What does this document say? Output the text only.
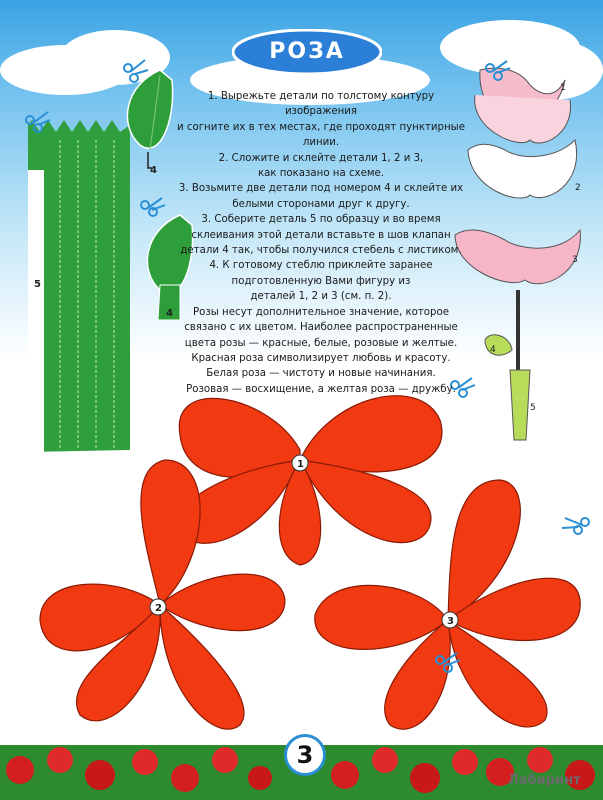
РОЗА
5
4
4
1
2
3
1
2
3
4
5

1. Вырежьте детали по толстому контуру изображения

и согните их в тех местах, где проходят пунктирные линии.

2. Сложите и склейте детали 1, 2 и 3,

как показано на схеме.

3. Возьмите две детали под номером 4 и склейте их

белыми сторонами друг к другу.

3. Соберите деталь 5 по образцу и во время

склеивания этой детали вставьте в шов клапан

детали 4 так, чтобы получился стебель с листиком.

4. К готовому стеблю приклейте заранее

подготовленную Вами фигуру из

деталей 1, 2 и 3 (см. п. 2).

Розы несут дополнительное значение, которое

связано с их цветом. Наиболее распространенные

цвета розы — красные, белые, розовые и желтые.

Красная роза символизирует любовь и красоту.

Белая роза — чистоту и новые начинания.

Розовая — восхищение, а желтая роза — дружбу.

3
Лабиринт
